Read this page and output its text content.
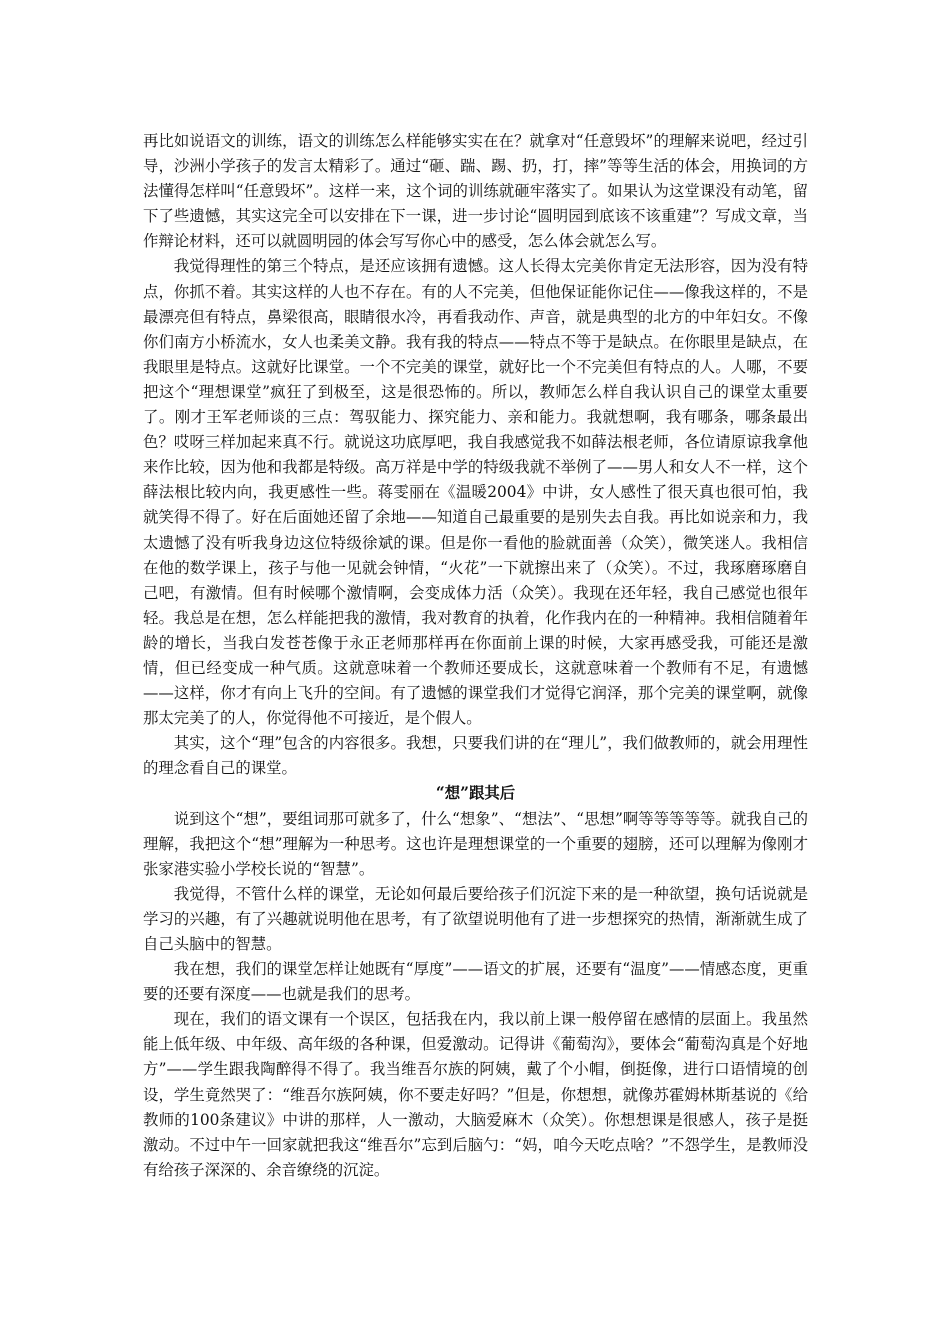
再比如说语文的训练，语文的训练怎么样能够实实在在？就拿对“任意毁坏”的理解来说吧，经过引导，沙洲小学孩子的发言太精彩了。通过“砸、踹、踢、扔，打，摔”等等生活的体会，用换词的方法懂得怎样叫“任意毁坏”。这样一来，这个词的训练就砸牢落实了。如果认为这堂课没有动笔，留下了些遗憾，其实这完全可以安排在下一课，进一步讨论“圆明园到底该不该重建”？写成文章，当作辩论材料，还可以就圆明园的体会写写你心中的感受，怎么体会就怎么写。

我觉得理性的第三个特点，是还应该拥有遗憾。这人长得太完美你肯定无法形容，因为没有特点，你抓不着。其实这样的人也不存在。有的人不完美，但他保证能你记住——像我这样的，不是最漂亮但有特点，鼻梁很高，眼睛很水冷，再看我动作、声音，就是典型的北方的中年妇女。不像你们南方小桥流水，女人也柔美文静。我有我的特点——特点不等于是缺点。在你眼里是缺点，在我眼里是特点。这就好比课堂。一个不完美的课堂，就好比一个不完美但有特点的人。人哪，不要把这个“理想课堂”疯狂了到极至，这是很恐怖的。所以，教师怎么样自我认识自己的课堂太重要了。刚才王军老师谈的三点：驾驭能力、探究能力、亲和能力。我就想啊，我有哪条，哪条最出色？哎呀三样加起来真不行。就说这功底厚吧，我自我感觉我不如薛法根老师，各位请原谅我拿他来作比较，因为他和我都是特级。高万祥是中学的特级我就不举例了——男人和女人不一样，这个薛法根比较内向，我更感性一些。蒋雯丽在《温暖2004》中讲，女人感性了很天真也很可怕，我就笑得不得了。好在后面她还留了余地——知道自己最重要的是别失去自我。再比如说亲和力，我太遗憾了没有听我身边这位特级徐斌的课。但是你一看他的脸就面善（众笑），微笑迷人。我相信在他的数学课上，孩子与他一见就会钟情，“火花”一下就擦出来了（众笑）。不过，我琢磨琢磨自己吧，有激情。但有时候哪个激情啊，会变成体力活（众笑）。我现在还年轻，我自己感觉也很年轻。我总是在想，怎么样能把我的激情，我对教育的执着，化作我内在的一种精神。我相信随着年龄的增长，当我白发苍苍像于永正老师那样再在你面前上课的时候，大家再感受我，可能还是激情，但已经变成一种气质。这就意味着一个教师还要成长，这就意味着一个教师有不足，有遗憾——这样，你才有向上飞升的空间。有了遗憾的课堂我们才觉得它润泽，那个完美的课堂啊，就像那太完美了的人，你觉得他不可接近，是个假人。

其实，这个“理”包含的内容很多。我想，只要我们讲的在“理儿”，我们做教师的，就会用理性的理念看自己的课堂。

“想”跟其后

说到这个“想”，要组词那可就多了，什么“想象”、“想法”、“思想”啊等等等等等。就我自己的理解，我把这个“想”理解为一种思考。这也许是理想课堂的一个重要的翅膀，还可以理解为像刚才张家港实验小学校长说的“智慧”。

我觉得，不管什么样的课堂，无论如何最后要给孩子们沉淀下来的是一种欲望，换句话说就是学习的兴趣，有了兴趣就说明他在思考，有了欲望说明他有了进一步想探究的热情，渐渐就生成了自己头脑中的智慧。

我在想，我们的课堂怎样让她既有“厚度”——语文的扩展，还要有“温度”——情感态度，更重要的还要有深度——也就是我们的思考。

现在，我们的语文课有一个误区，包括我在内，我以前上课一般停留在感情的层面上。我虽然能上低年级、中年级、高年级的各种课，但爱激动。记得讲《葡萄沟》，要体会“葡萄沟真是个好地方”——学生跟我陶醉得不得了。我当维吾尔族的阿姨，戴了个小帽，倒挺像，进行口语情境的创设，学生竟然哭了：“维吾尔族阿姨，你不要走好吗？”但是，你想想，就像苏霍姆林斯基说的《给教师的100条建议》中讲的那样，人一激动，大脑爱麻木（众笑）。你想想课是很感人，孩子是挺激动。不过中午一回家就把我这“维吾尔”忘到后脑勺：“妈，咱今天吃点啥？”不怨学生，是教师没有给孩子深深的、余音缭绕的沉淀。
